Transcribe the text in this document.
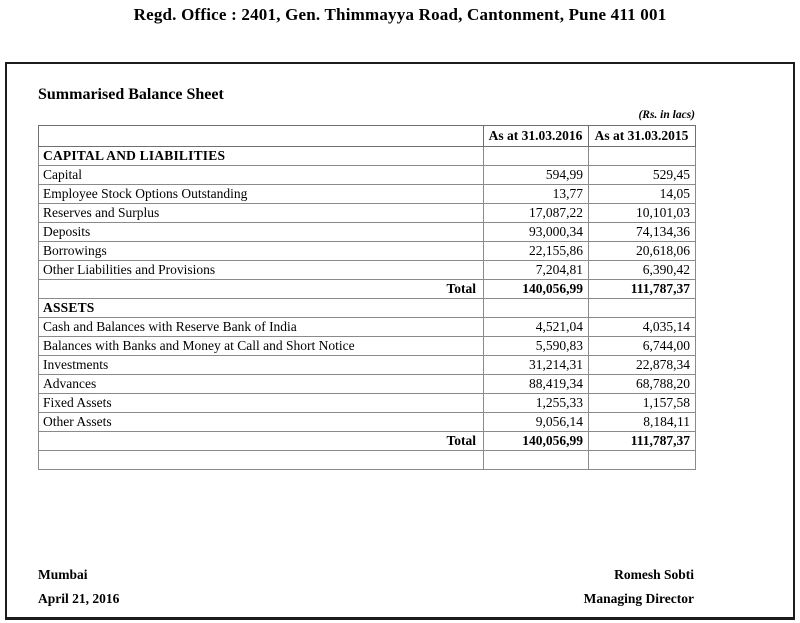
Regd. Office : 2401, Gen. Thimmayya Road, Cantonment, Pune 411 001
Summarised Balance Sheet
(Rs. in lacs)
	As at 31.03.2016	As at 31.03.2015
CAPITAL AND LIABILITIES		
Capital	594,99	529,45
Employee Stock Options Outstanding	13,77	14,05
Reserves and Surplus	17,087,22	10,101,03
Deposits	93,000,34	74,134,36
Borrowings	22,155,86	20,618,06
Other Liabilities and Provisions	7,204,81	6,390,42
Total	140,056,99	111,787,37
ASSETS		
Cash and Balances with Reserve Bank of India	4,521,04	4,035,14
Balances with Banks and Money at Call and Short Notice	5,590,83	6,744,00
Investments	31,214,31	22,878,34
Advances	88,419,34	68,788,20
Fixed Assets	1,255,33	1,157,58
Other Assets	9,056,14	8,184,11
Total	140,056,99	111,787,37

Mumbai
April 21, 2016
Romesh Sobti
Managing Director
